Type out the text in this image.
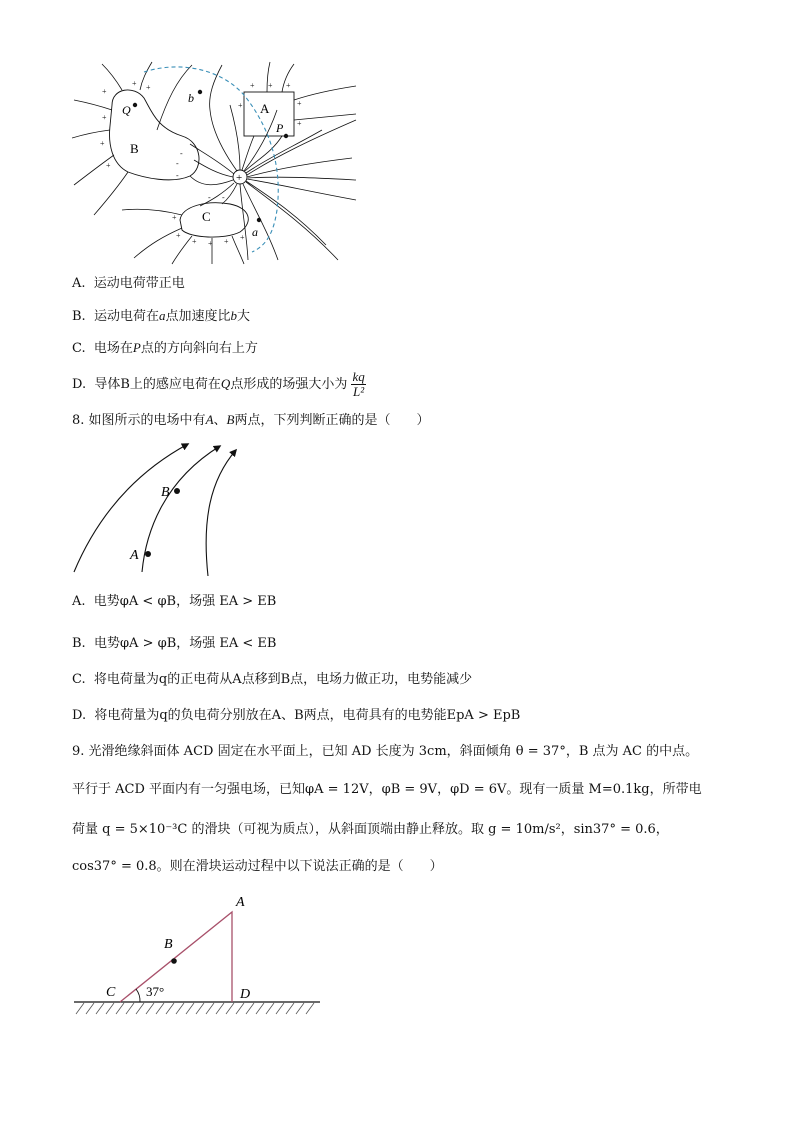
+
+
+
+
+
+
-
-
-
+ + +
+
+
+
+
+
+ + + +
-
-
Q
B
A
P
b
C
a
+
A. 运动电荷带正电
B. 运动电荷在a点加速度比b大
C. 电场在P点的方向斜向右上方
D. 导体B上的感应电荷在Q点形成的场强大小为 $\frac{kq}{\text{L²}}$
8. 如图所示的电场中有A、B两点，下列判断正确的是（　　）
A
B
A. 电势φA < φB，场强 EA > EB
B. 电势φA > φB，场强 EA < EB
C. 将电荷量为q的正电荷从A点移到B点，电场力做正功，电势能减少
D. 将电荷量为q的负电荷分别放在A、B两点，电荷具有的电势能EpA > EpB
9. 光滑绝缘斜面体 ACD 固定在水平面上，已知 AD 长度为 3cm，斜面倾角 θ = 37°，B 点为 AC 的中点。
平行于 ACD 平面内有一匀强电场，已知φA = 12V，φB = 9V，φD = 6V。现有一质量 M=0.1kg，所带电
荷量 q = 5×10⁻³C 的滑块（可视为质点），从斜面顶端由静止释放。取 g = 10m/s²，sin37° = 0.6，
cos37° = 0.8。则在滑块运动过程中以下说法正确的是（　　）
A
B
C	D
37°
